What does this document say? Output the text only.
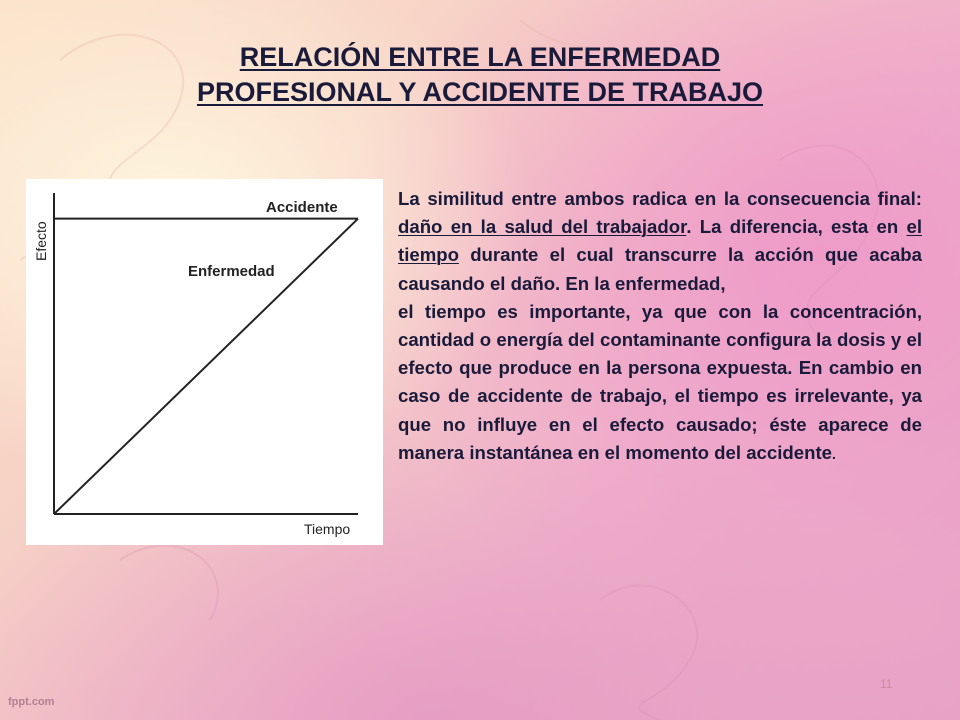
RELACIÓN ENTRE LA ENFERMEDAD
PROFESIONAL Y ACCIDENTE DE TRABAJO
Efecto
Tiempo
Accidente
Enfermedad

La similitud entre ambos radica en la consecuencia final: daño en la salud del trabajador. La diferencia, esta en el tiempo durante el cual transcurre la acción que acaba causando el daño. En la enfermedad,

el tiempo es importante, ya que con la concentración, cantidad o energía del contaminante configura la dosis y el efecto que produce en la persona expuesta. En cambio en caso de accidente de trabajo, el tiempo es irrelevante, ya que no influye en el efecto causado; éste aparece de manera instantánea en el momento del accidente.

11
fppt.com
